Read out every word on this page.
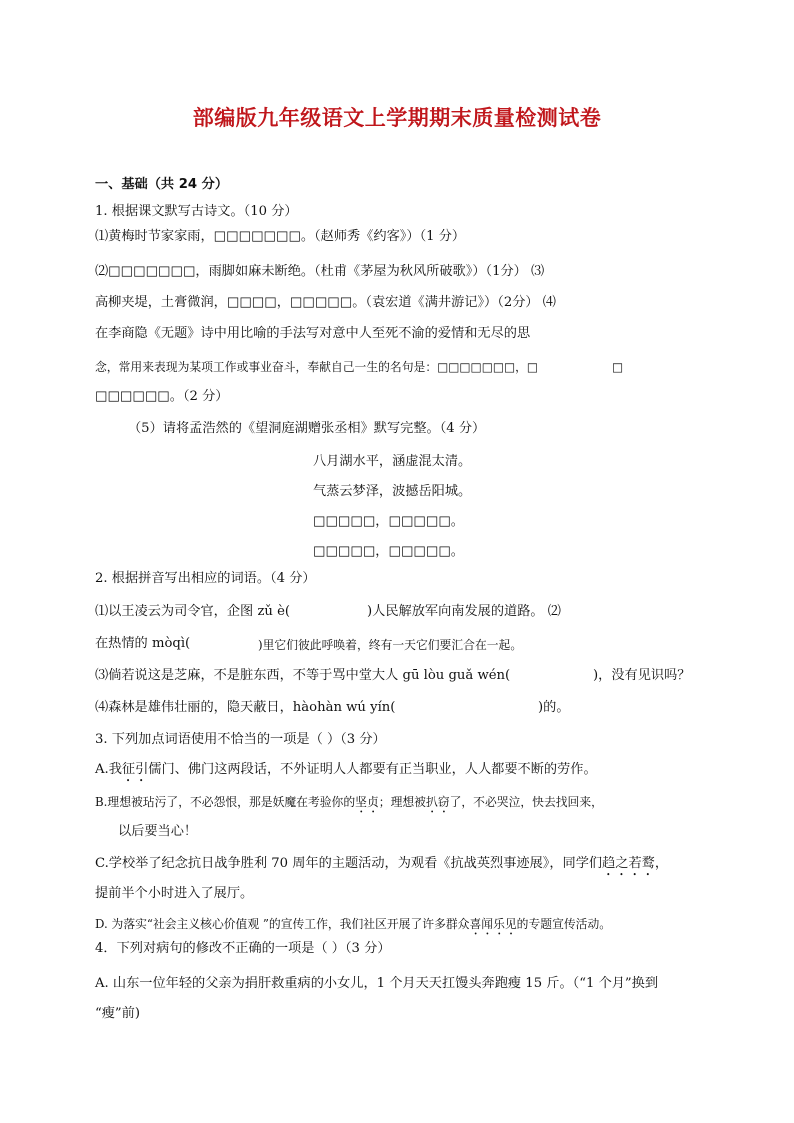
部编版九年级语文上学期期末质量检测试卷
一、基础（共 24 分）
1. 根据课文默写古诗文。（10 分）
⑴黄梅时节家家雨，□□□□□□□。（赵师秀《约客》）（1 分）
⑵□□□□□□□，雨脚如麻未断绝。（杜甫《茅屋为秋风所破歌》）（1分） ⑶
高柳夹堤，土膏微润，□□□□，□□□□□。（袁宏道《满井游记》）（2分） ⑷
在李商隐《无题》诗中用比喻的手法写对意中人至死不渝的爱情和无尽的思
念，常用来表现为某项工作或事业奋斗，奉献自己一生的名句是：□□□□□□□，□	□
□□□□□□。（2 分）
（5）请将孟浩然的《望洞庭湖赠张丞相》默写完整。（4 分）
八月湖水平，涵虚混太清。
气蒸云梦泽，波撼岳阳城。
□□□□□，□□□□□。
□□□□□，□□□□□。
2. 根据拼音写出相应的词语。（4 分）
⑴以王凌云为司令官，企图 zǔ è(	)人民解放军向南发展的道路。 ⑵
在热情的 mòqì(	)里它们彼此呼唤着，终有一天它们要汇合在一起。
⑶倘若说这是芝麻，不是脏东西，不等于骂中堂大人 gū lòu guǎ wén(	)，没有见识吗？
⑷森林是雄伟壮丽的，隐天蔽日，hàohàn wú yín(	)的。
3. 下列加点词语使用不恰当的一项是（ ）（3 分）
A.我征引儒门、佛门这两段话，不外证明人人都要有正当职业，人人都要不断的劳作。
B.理想被玷污了，不必怨恨，那是妖魔在考验你的坚贞；理想被扒窃了，不必哭泣，快去找回来，
以后要当心！
C.学校举了纪念抗日战争胜利 70 周年的主题活动，为观看《抗战英烈事迹展》，同学们趋之若鹜，
提前半个小时进入了展厅。
D. 为落实“社会主义核心价值观 ”的宣传工作，我们社区开展了许多群众喜闻乐见的专题宣传活动。
4．下列对病句的修改不正确的一项是（ ）（3 分）
A. 山东一位年轻的父亲为捐肝救重病的小女儿，1 个月天天扛馒头奔跑瘦 15 斤。（“1 个月”换到
“瘦”前)
